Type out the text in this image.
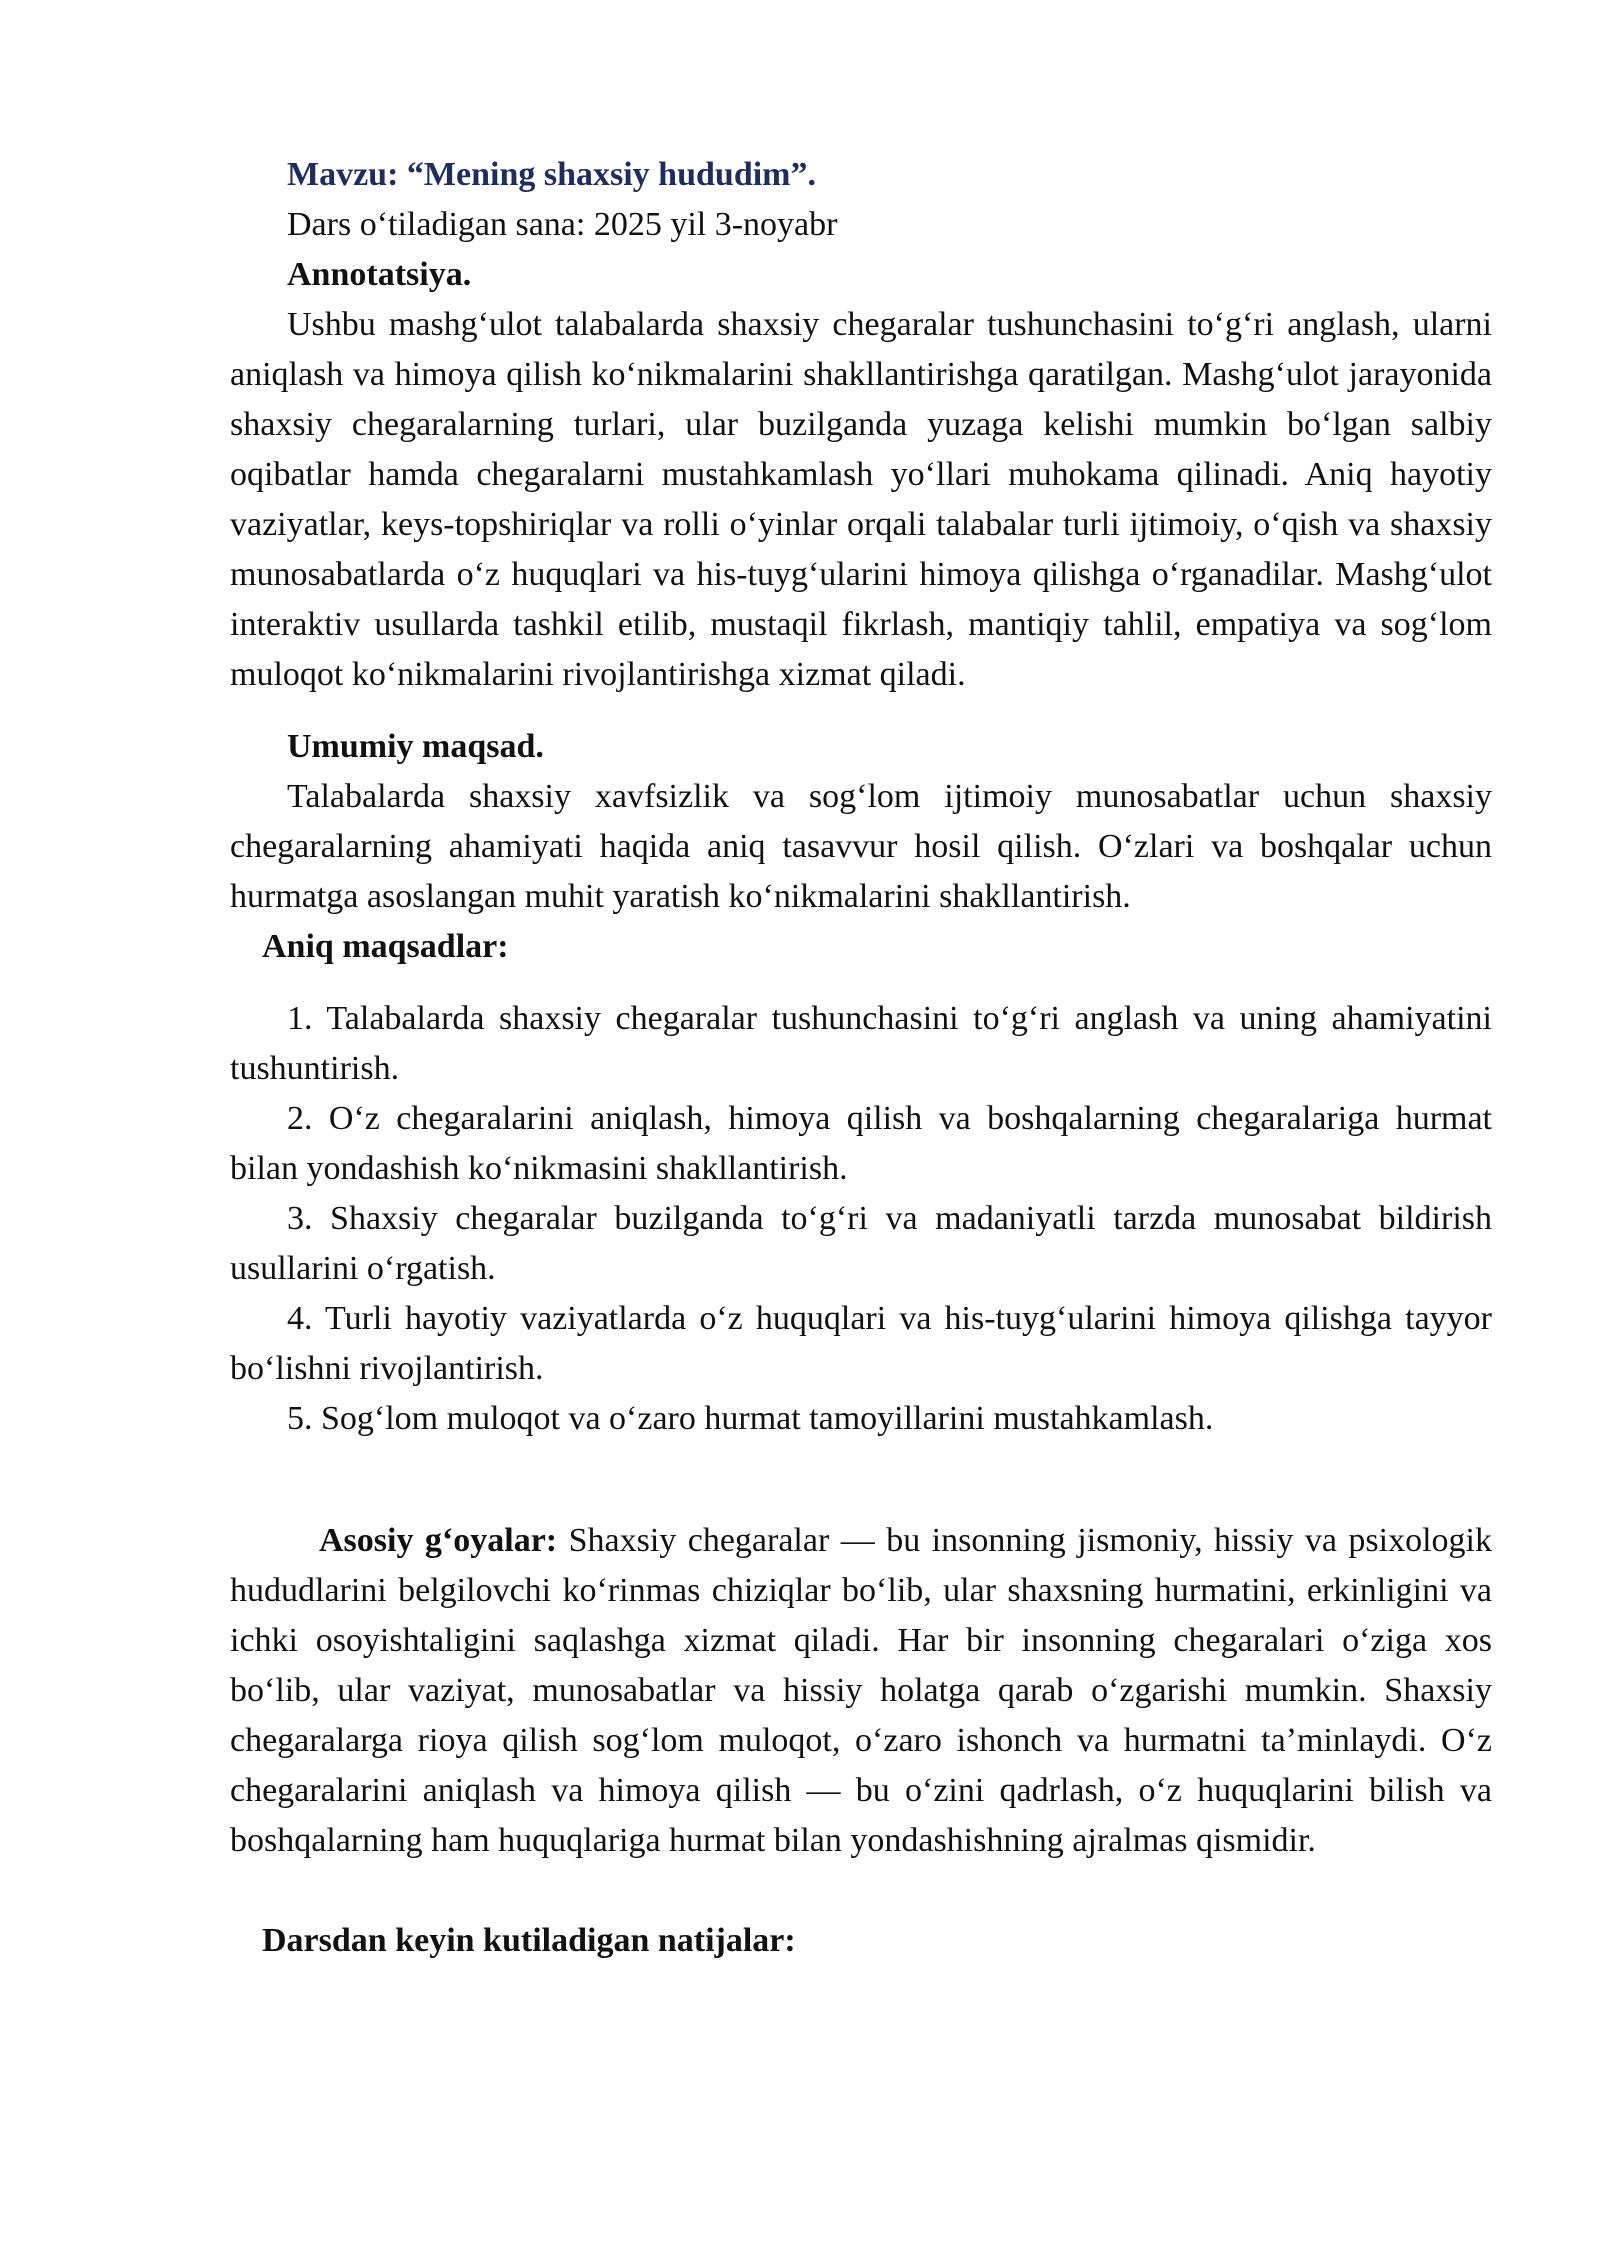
Mavzu: “Mening shaxsiy hududim”.

Dars oʻtiladigan sana: 2025 yil 3-noyabr

Annotatsiya.

Ushbu mashgʻulot talabalarda shaxsiy chegaralar tushunchasini toʻgʻri anglash, ularni aniqlash va himoya qilish koʻnikmalarini shakllantirishga qaratilgan. Mashgʻulot jarayonida shaxsiy chegaralarning turlari, ular buzilganda yuzaga kelishi mumkin boʻlgan salbiy oqibatlar hamda chegaralarni mustahkamlash yoʻllari muhokama qilinadi. Aniq hayotiy vaziyatlar, keys-topshiriqlar va rolli oʻyinlar orqali talabalar turli ijtimoiy, oʻqish va shaxsiy munosabatlarda oʻz huquqlari va his-tuygʻularini himoya qilishga oʻrganadilar. Mashgʻulot interaktiv usullarda tashkil etilib, mustaqil fikrlash, mantiqiy tahlil, empatiya va sogʻlom muloqot koʻnikmalarini rivojlantirishga xizmat qiladi.

Umumiy maqsad.

Talabalarda shaxsiy xavfsizlik va sogʻlom ijtimoiy munosabatlar uchun shaxsiy chegaralarning ahamiyati haqida aniq tasavvur hosil qilish. Oʻzlari va boshqalar uchun hurmatga asoslangan muhit yaratish koʻnikmalarini shakllantirish.

Aniq maqsadlar:

1. Talabalarda shaxsiy chegaralar tushunchasini toʻgʻri anglash va uning ahamiyatini tushuntirish.

2. Oʻz chegaralarini aniqlash, himoya qilish va boshqalarning chegaralariga hurmat bilan yondashish koʻnikmasini shakllantirish.

3. Shaxsiy chegaralar buzilganda toʻgʻri va madaniyatli tarzda munosabat bildirish usullarini oʻrgatish.

4. Turli hayotiy vaziyatlarda oʻz huquqlari va his-tuygʻularini himoya qilishga tayyor boʻlishni rivojlantirish.

5. Sogʻlom muloqot va oʻzaro hurmat tamoyillarini mustahkamlash.

Asosiy gʻoyalar: Shaxsiy chegaralar — bu insonning jismoniy, hissiy va psixologik hududlarini belgilovchi koʻrinmas chiziqlar boʻlib, ular shaxsning hurmatini, erkinligini va ichki osoyishtaligini saqlashga xizmat qiladi. Har bir insonning chegaralari oʻziga xos boʻlib, ular vaziyat, munosabatlar va hissiy holatga qarab oʻzgarishi mumkin. Shaxsiy chegaralarga rioya qilish sogʻlom muloqot, oʻzaro ishonch va hurmatni taʼminlaydi. Oʻz chegaralarini aniqlash va himoya qilish — bu oʻzini qadrlash, oʻz huquqlarini bilish va boshqalarning ham huquqlariga hurmat bilan yondashishning ajralmas qismidir.

Darsdan keyin kutiladigan natijalar:
